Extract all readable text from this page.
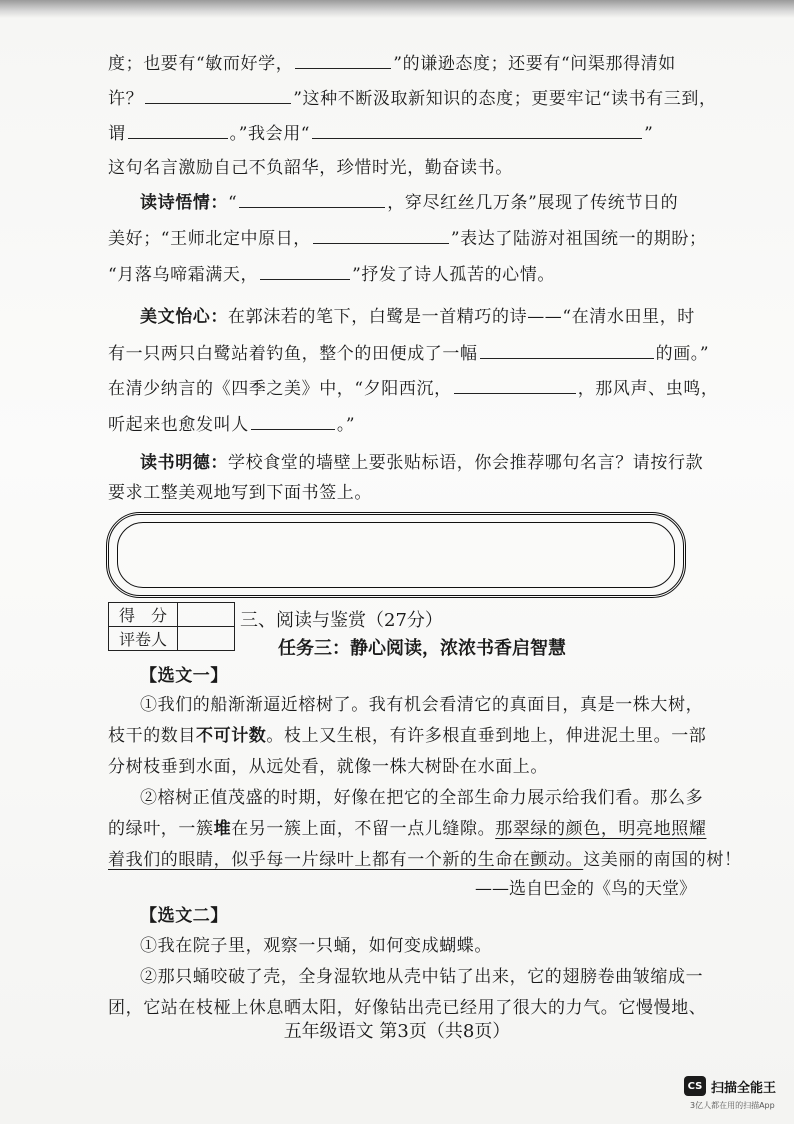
度；也要有“敏而好学，	”的谦逊态度；还要有“问渠那得清如
许？	”这种不断汲取新知识的态度；更要牢记“读书有三到，
谓	。”我会用“	”
这句名言激励自己不负韶华，珍惜时光，勤奋读书。
读诗悟情：“	，穿尽红丝几万条”展现了传统节日的
美好；“王师北定中原日，	”表达了陆游对祖国统一的期盼；
“月落乌啼霜满天，	”抒发了诗人孤苦的心情。
美文怡心：在郭沫若的笔下，白鹭是一首精巧的诗——“在清水田里，时
有一只两只白鹭站着钓鱼，整个的田便成了一幅	的画。”
在清少纳言的《四季之美》中，“夕阳西沉，	，那风声、虫鸣，
听起来也愈发叫人	。”
读书明德：学校食堂的墙壁上要张贴标语，你会推荐哪句名言？请按行款
要求工整美观地写到下面书签上。
得　分	
评卷人	
三、阅读与鉴赏（27分）
任务三：静心阅读，浓浓书香启智慧
【选文一】
①我们的船渐渐逼近榕树了。我有机会看清它的真面目，真是一株大树，
枝干的数目不可计数。枝上又生根，有许多根直垂到地上，伸进泥土里。一部
分树枝垂到水面，从远处看，就像一株大树卧在水面上。
②榕树正值茂盛的时期，好像在把它的全部生命力展示给我们看。那么多
的绿叶，一簇堆在另一簇上面，不留一点儿缝隙。那翠绿的颜色，明亮地照耀
着我们的眼睛，似乎每一片绿叶上都有一个新的生命在颤动。这美丽的南国的树！
——选自巴金的《鸟的天堂》
【选文二】
①我在院子里，观察一只蛹，如何变成蝴蝶。
②那只蛹咬破了壳，全身湿软地从壳中钻了出来，它的翅膀卷曲皱缩成一
团，它站在枝桠上休息晒太阳，好像钻出壳已经用了很大的力气。它慢慢地、
五年级语文 第3页（共8页）
CS 扫描全能王
3亿人都在用的扫描App
